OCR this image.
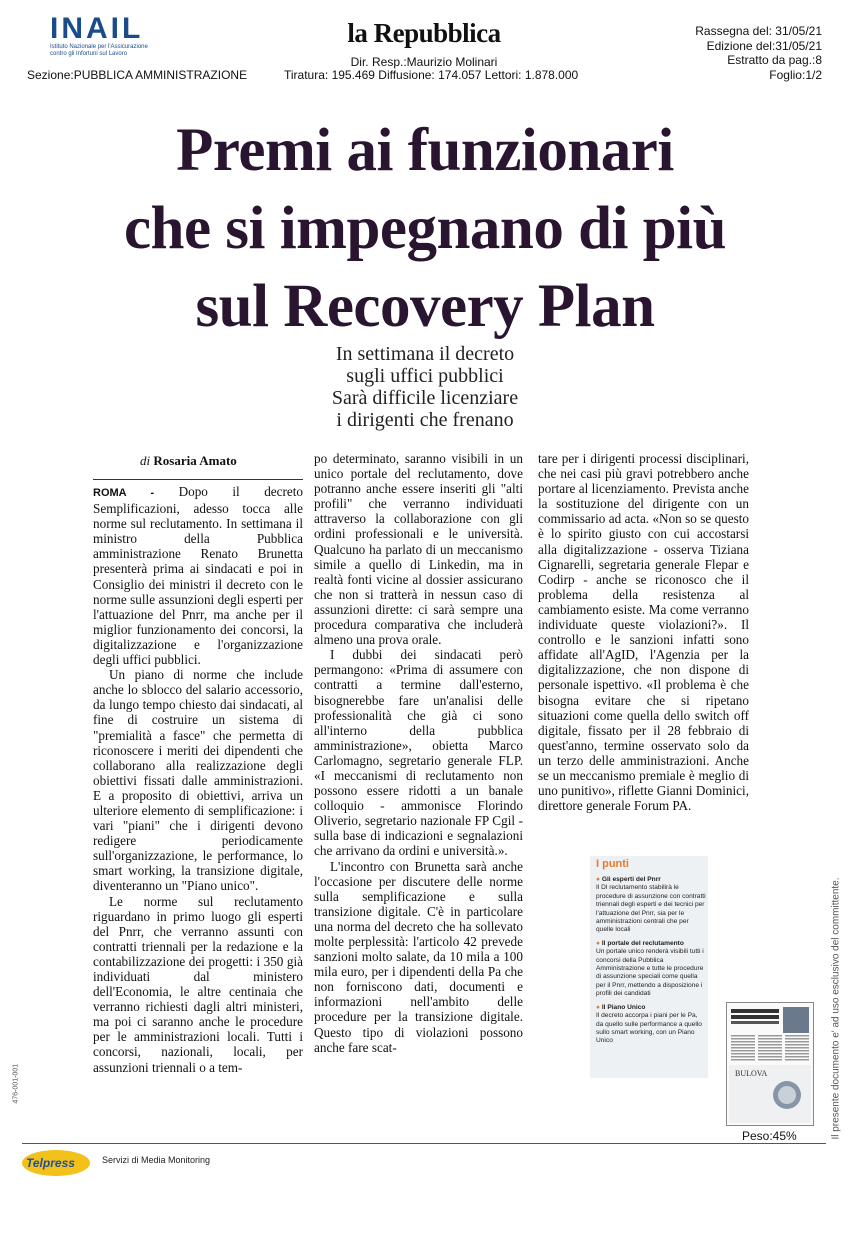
INAIL
Istituto Nazionale per l'Assicurazione
contro gli Infortuni sul Lavoro
Sezione:PUBBLICA AMMINISTRAZIONE
la Repubblica
Dir. Resp.:Maurizio Molinari
Tiratura: 195.469 Diffusione: 174.057 Lettori: 1.878.000
Rassegna del: 31/05/21
Edizione del:31/05/21
Estratto da pag.:8
Foglio:1/2
Premi ai funzionari
che si impegnano di più
sul Recovery Plan
In settimana il decreto
sugli uffici pubblici
Sarà difficile licenziare
i dirigenti che frenano
di Rosaria Amato

ROMA - Dopo il decreto Semplificazioni, adesso tocca alle norme sul reclutamento. In settimana il ministro della Pubblica amministrazione Renato Brunetta presenterà prima ai sindacati e poi in Consiglio dei ministri il decreto con le norme sulle assunzioni degli esperti per l'attuazione del Pnrr, ma anche per il miglior funzionamento dei concorsi, la digitalizzazione e l'organizzazione degli uffici pubblici.

Un piano di norme che include anche lo sblocco del salario accessorio, da lungo tempo chiesto dai sindacati, al fine di costruire un sistema di "premialità a fasce" che permetta di riconoscere i meriti dei dipendenti che collaborano alla realizzazione degli obiettivi fissati dalle amministrazioni. E a proposito di obiettivi, arriva un ulteriore elemento di semplificazione: i vari "piani" che i dirigenti devono redigere periodicamente sull'organizzazione, le performance, lo smart working, la transizione digitale, diventeranno un "Piano unico".

Le norme sul reclutamento riguardano in primo luogo gli esperti del Pnrr, che verranno assunti con contratti triennali per la redazione e la contabilizzazione dei progetti: i 350 già individuati dal ministero dell'Economia, le altre centinaia che verranno richiesti dagli altri ministeri, ma poi ci saranno anche le procedure per le amministrazioni locali. Tutti i concorsi, nazionali, locali, per assunzioni triennali o a tem-

po determinato, saranno visibili in un unico portale del reclutamento, dove potranno anche essere inseriti gli "alti profili" che verranno individuati attraverso la collaborazione con gli ordini professionali e le università. Qualcuno ha parlato di un meccanismo simile a quello di Linkedin, ma in realtà fonti vicine al dossier assicurano che non si tratterà in nessun caso di assunzioni dirette: ci sarà sempre una procedura comparativa che includerà almeno una prova orale.

I dubbi dei sindacati però permangono: «Prima di assumere con contratti a termine dall'esterno, bisognerebbe fare un'analisi delle professionalità che già ci sono all'interno della pubblica amministrazione», obietta Marco Carlomagno, segretario generale FLP. «I meccanismi di reclutamento non possono essere ridotti a un banale colloquio - ammonisce Florindo Oliverio, segretario nazionale FP Cgil - sulla base di indicazioni e segnalazioni che arrivano da ordini e università.».

L'incontro con Brunetta sarà anche l'occasione per discutere delle norme sulla semplificazione e sulla transizione digitale. C'è in particolare una norma del decreto che ha sollevato molte perplessità: l'articolo 42 prevede sanzioni molto salate, da 10 mila a 100 mila euro, per i dipendenti della Pa che non forniscono dati, documenti e informazioni nell'ambito delle procedure per la transizione digitale. Questo tipo di violazioni possono anche fare scat-

tare per i dirigenti processi disciplinari, che nei casi più gravi potrebbero anche portare al licenziamento. Prevista anche la sostituzione del dirigente con un commissario ad acta. «Non so se questo è lo spirito giusto con cui accostarsi alla digitalizzazione - osserva Tiziana Cignarelli, segretaria generale Flepar e Codirp - anche se riconosco che il problema della resistenza al cambiamento esiste. Ma come verranno individuate queste violazioni?». Il controllo e le sanzioni infatti sono affidate all'AgID, l'Agenzia per la digitalizzazione, che non dispone di personale ispettivo. «Il problema è che bisogna evitare che si ripetano situazioni come quella dello switch off digitale, fissato per il 28 febbraio di quest'anno, termine osservato solo da un terzo delle amministrazioni. Anche se un meccanismo premiale è meglio di uno punitivo», riflette Gianni Dominici, direttore generale Forum PA.

I punti
● Gli esperti del Pnrr
Il Dl reclutamento stabilirà le procedure di assunzione con contratti triennali degli esperti e dei tecnici per l'attuazione del Pnrr, sia per le amministrazioni centrali che per quelle locali
● Il portale del reclutamento
Un portale unico renderà visibili tutti i concorsi della Pubblica Amministrazione e tutte le procedure di assunzione speciali come quella per il Pnrr, mettendo a disposizione i profili dei candidati
● Il Piano Unico
Il decreto accorpa i piani per le Pa, da quello sulle performance a quello sullo smart working, con un Piano Unico
BULOVA
Peso:45%
Telpress	Servizi di Media Monitoring
476-001-001	Il presente documento e' ad uso esclusivo del committente.
